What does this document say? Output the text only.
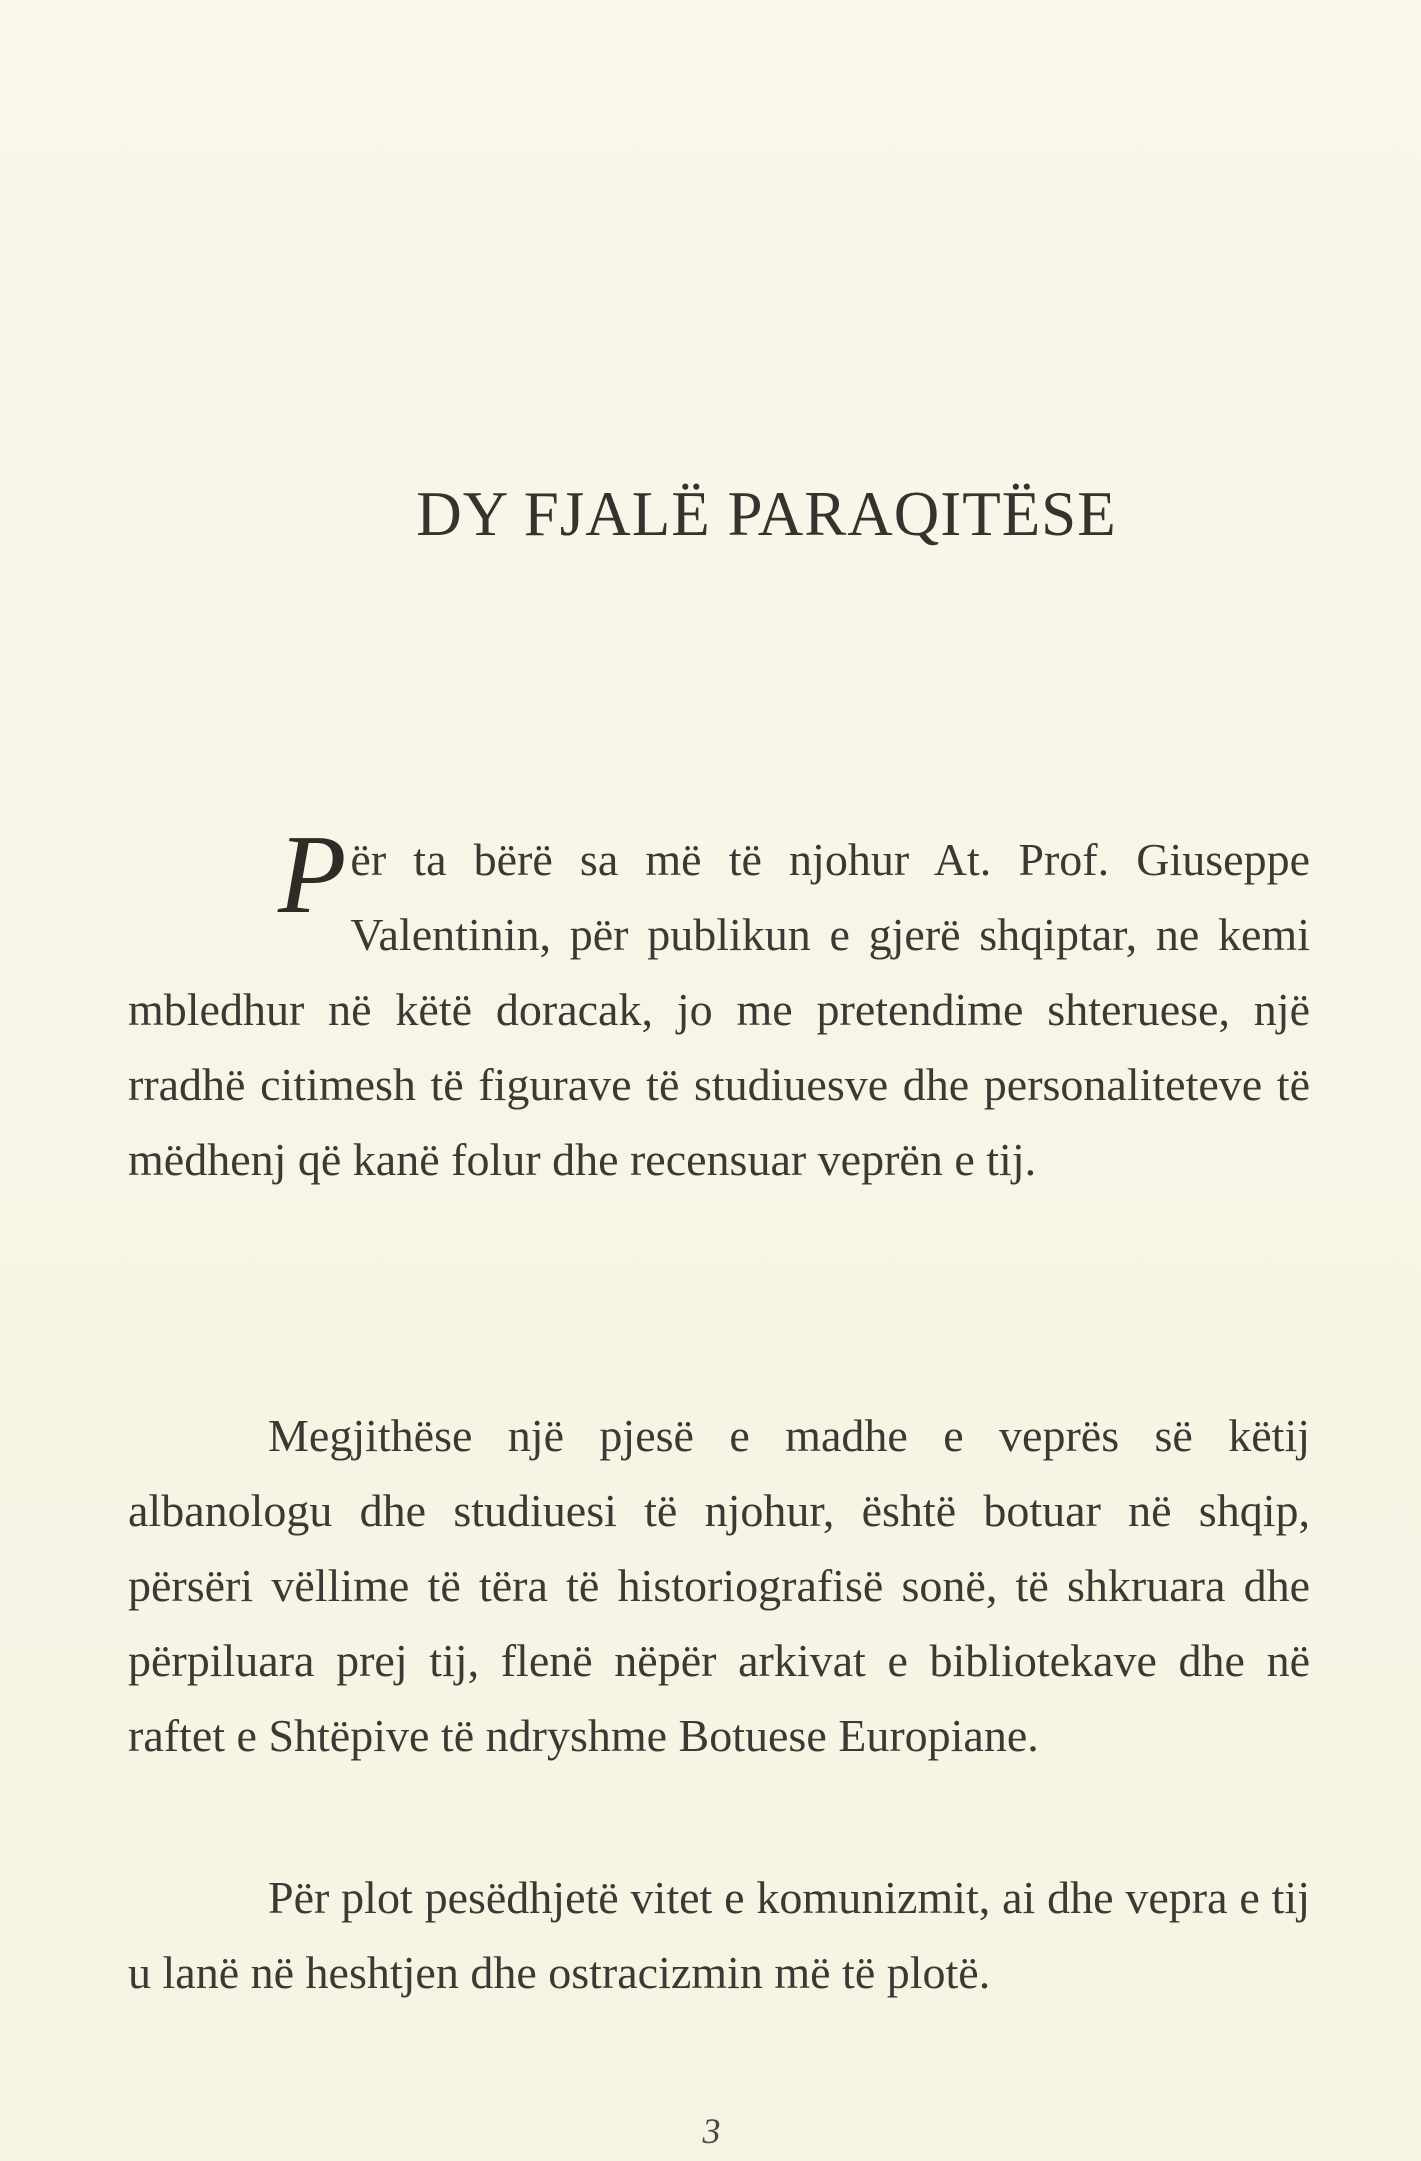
DY FJALË PARAQITËSE

Për ta bërë sa më të njohur At. Prof. Giuseppe Valentinin, për publikun e gjerë shqiptar, ne kemi mbledhur në këtë doracak, jo me pretendime shteruese, një rradhë citimesh të figurave të studiuesve dhe personaliteteve të mëdhenj që kanë folur dhe recensuar veprën e tij.

Megjithëse një pjesë e madhe e veprës së këtij albanologu dhe studiuesi të njohur, është botuar në shqip, përsëri vëllime të tëra të historiografisë sonë, të shkruara dhe përpiluara prej tij, flenë nëpër arkivat e bibliotekave dhe në raftet e Shtëpive të ndryshme Botuese Europiane.

Për plot pesëdhjetë vitet e komunizmit, ai dhe vepra e tij u lanë në heshtjen dhe ostracizmin më të plotë.

3
